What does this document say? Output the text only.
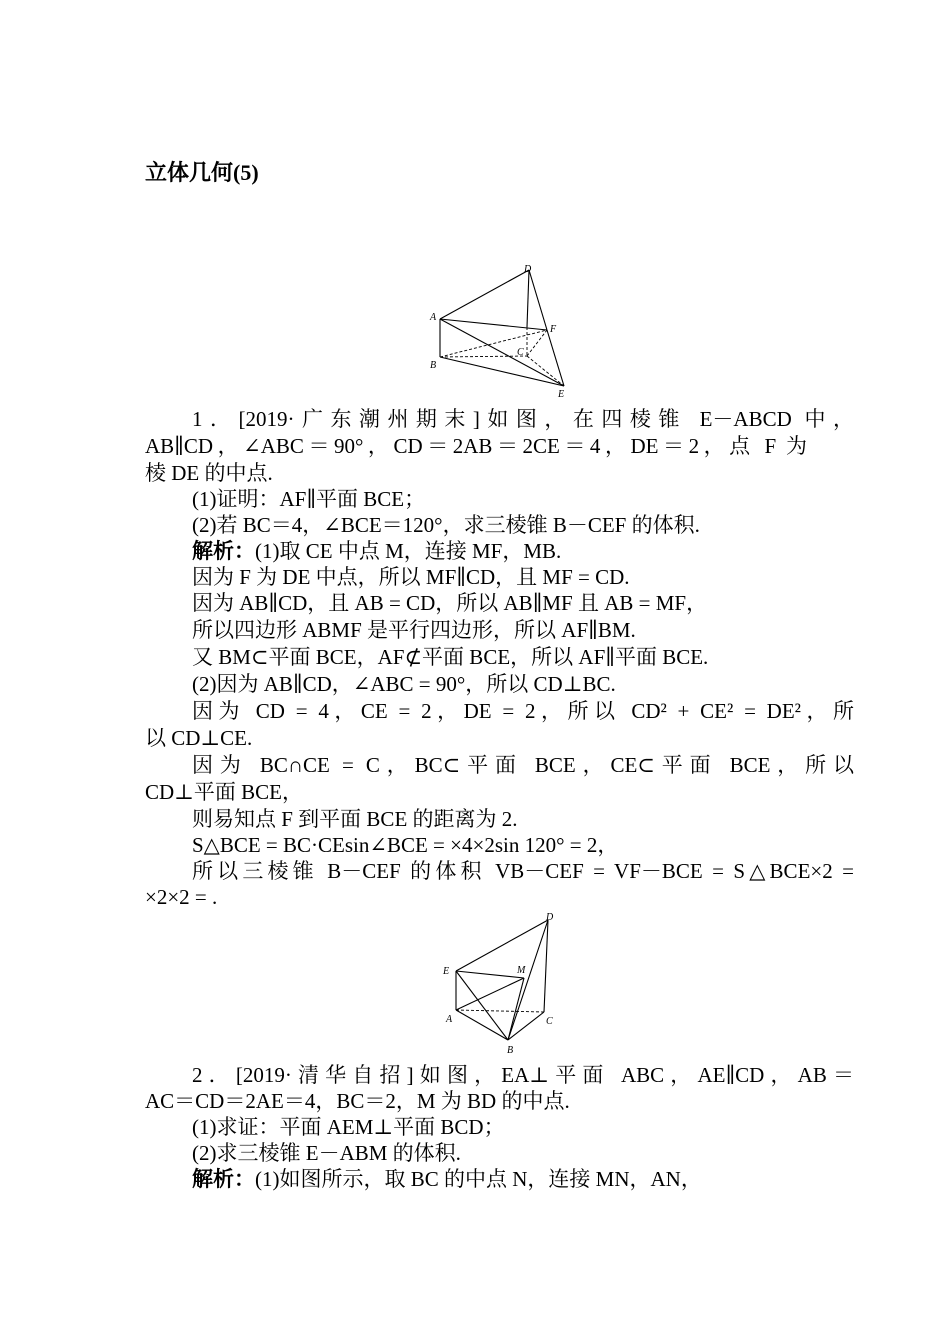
立体几何(5)
D
A
F
C
B
E
1．[2019·广东潮州期末]如图，在四棱锥 E－ABCD 中，
AB∥CD，∠ABC＝90°，CD＝2AB＝2CE＝4，DE＝2，点 F 为
棱 DE 的中点.
(1)证明：AF∥平面 BCE；
(2)若 BC＝4，∠BCE＝120°，求三棱锥 B－CEF 的体积.
解析：(1)取 CE 中点 M，连接 MF，MB.
因为 F 为 DE 中点，所以 MF∥CD，且 MF = CD.
因为 AB∥CD，且 AB = CD，所以 AB∥MF 且 AB = MF，
所以四边形 ABMF 是平行四边形，所以 AF∥BM.
又 BM⊂平面 BCE，AF⊄平面 BCE，所以 AF∥平面 BCE.
(2)因为 AB∥CD，∠ABC = 90°，所以 CD⊥BC.
因为 CD = 4，CE = 2，DE = 2，所以 CD² + CE² = DE²，所
以 CD⊥CE.
因为 BC∩CE = C，BC⊂平面 BCE，CE⊂平面 BCE，所以
CD⊥平面 BCE，
则易知点 F 到平面 BCE 的距离为 2.
S△BCE = BC·CEsin∠BCE = ×4×2sin 120° = 2，
所以三棱锥 B－CEF 的体积 VB－CEF = VF－BCE = S△BCE×2 =
×2×2 = .
D
E	M
A	C
B
2．[2019·清华自招]如图，EA⊥平面 ABC，AE∥CD，AB＝
AC＝CD＝2AE＝4，BC＝2，M 为 BD 的中点.
(1)求证：平面 AEM⊥平面 BCD；
(2)求三棱锥 E－ABM 的体积.
解析：(1)如图所示，取 BC 的中点 N，连接 MN，AN，
